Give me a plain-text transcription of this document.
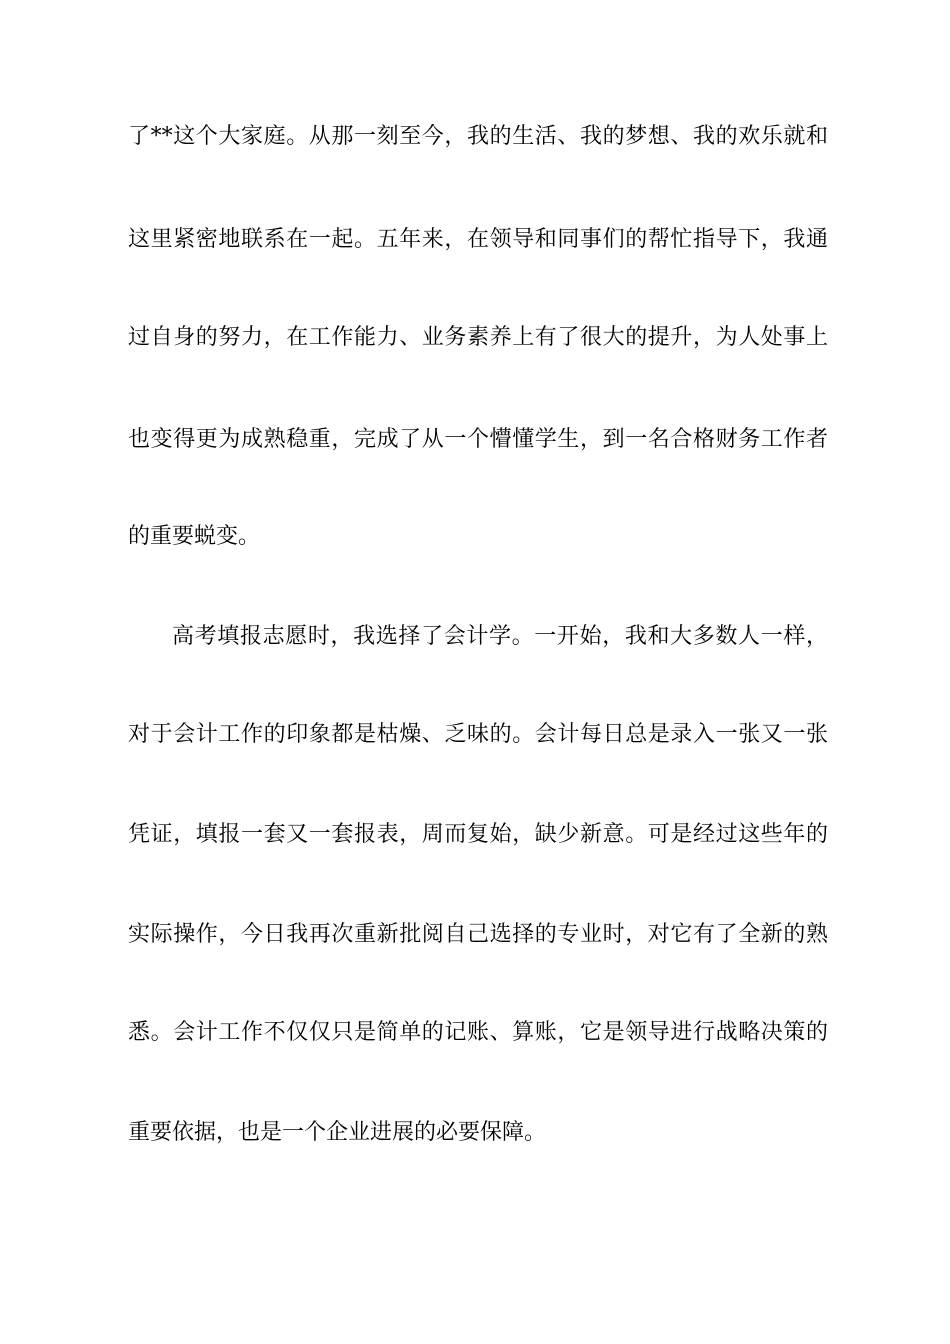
了**这个大家庭。从那一刻至今，我的生活、我的梦想、我的欢乐就和
这里紧密地联系在一起。五年来，在领导和同事们的帮忙指导下，我通
过自身的努力，在工作能力、业务素养上有了很大的提升，为人处事上
也变得更为成熟稳重，完成了从一个懵懂学生，到一名合格财务工作者
的重要蜕变。
高考填报志愿时，我选择了会计学。一开始，我和大多数人一样，
对于会计工作的印象都是枯燥、乏味的。会计每日总是录入一张又一张
凭证，填报一套又一套报表，周而复始，缺少新意。可是经过这些年的
实际操作，今日我再次重新批阅自己选择的专业时，对它有了全新的熟
悉。会计工作不仅仅只是简单的记账、算账，它是领导进行战略决策的
重要依据，也是一个企业进展的必要保障。
